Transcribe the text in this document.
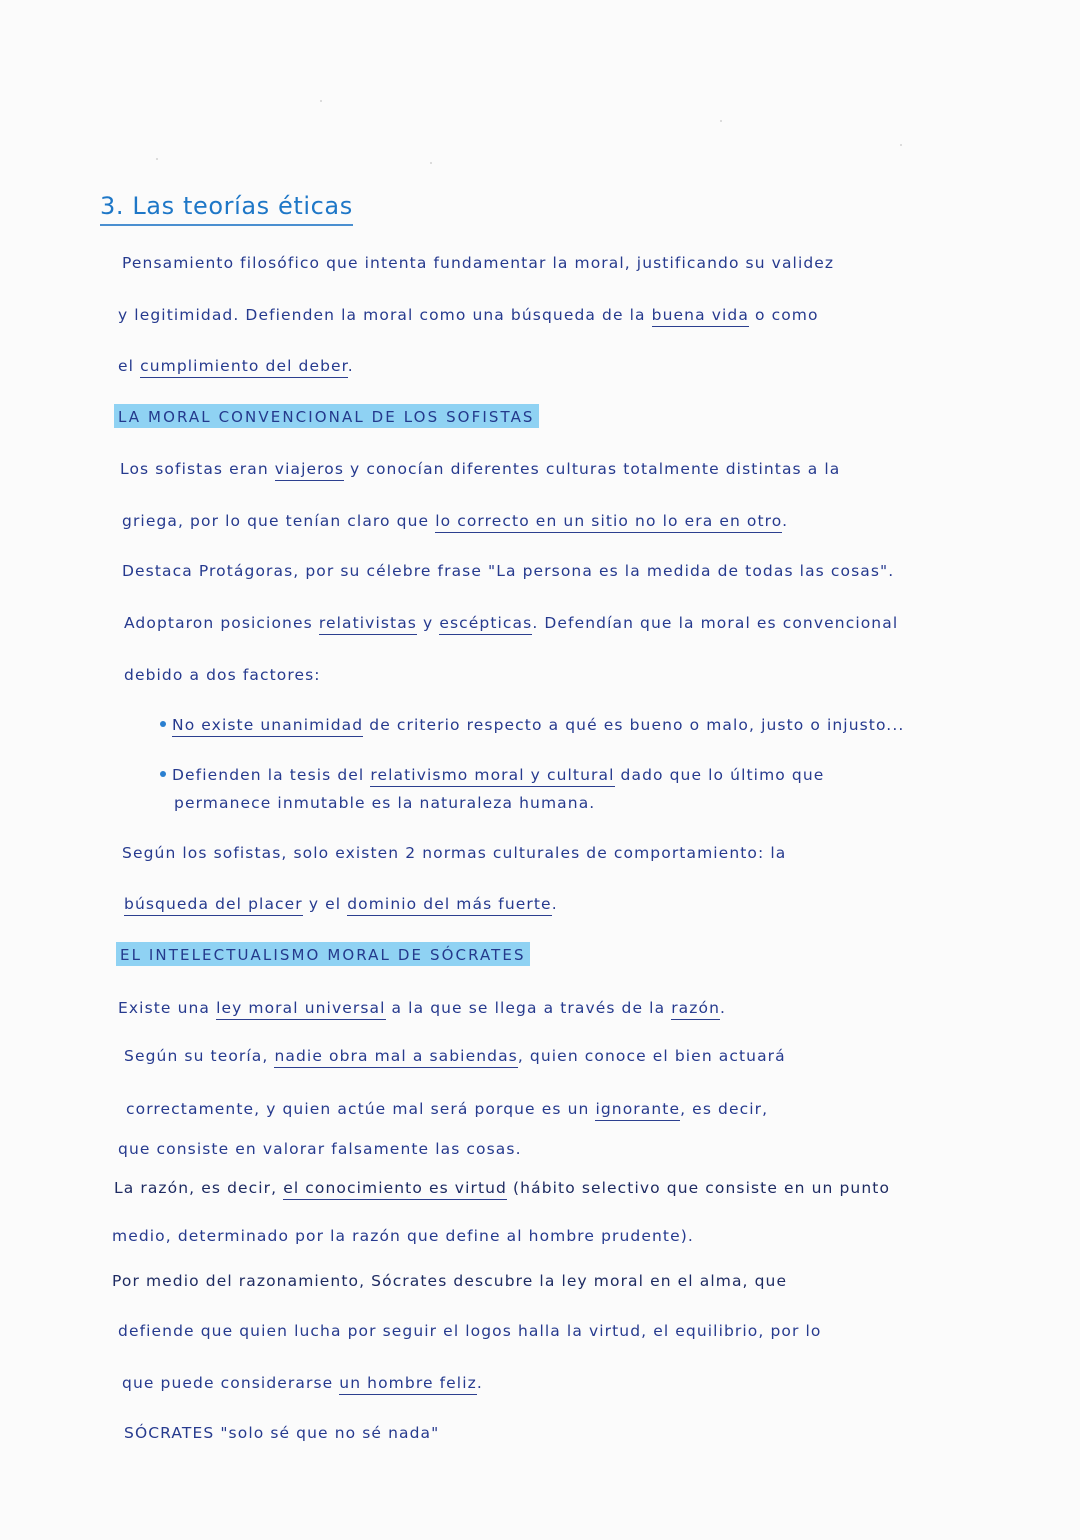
3. Las teorías éticas
Pensamiento filosófico que intenta fundamentar la moral, justificando su validez
y legitimidad. Defienden la moral como una búsqueda de la buena vida o como
el cumplimiento del deber.
LA MORAL CONVENCIONAL DE LOS SOFISTAS
Los sofistas eran viajeros y conocían diferentes culturas totalmente distintas a la
griega, por lo que tenían claro que lo correcto en un sitio no lo era en otro.
Destaca Protágoras, por su célebre frase "La persona es la medida de todas las cosas".
Adoptaron posiciones relativistas y escépticas. Defendían que la moral es convencional
debido a dos factores:
No existe unanimidad de criterio respecto a qué es bueno o malo, justo o injusto...
Defienden la tesis del relativismo moral y cultural dado que lo último que
permanece inmutable es la naturaleza humana.
Según los sofistas, solo existen 2 normas culturales de comportamiento: la
búsqueda del placer y el dominio del más fuerte.
EL INTELECTUALISMO MORAL DE SÓCRATES
Existe una ley moral universal a la que se llega a través de la razón.
Según su teoría, nadie obra mal a sabiendas, quien conoce el bien actuará
correctamente, y quien actúe mal será porque es un ignorante, es decir,
que consiste en valorar falsamente las cosas.
La razón, es decir, el conocimiento es virtud (hábito selectivo que consiste en un punto
medio, determinado por la razón que define al hombre prudente).
Por medio del razonamiento, Sócrates descubre la ley moral en el alma, que
defiende que quien lucha por seguir el logos halla la virtud, el equilibrio, por lo
que puede considerarse un hombre feliz.
SÓCRATES "solo sé que no sé nada"
